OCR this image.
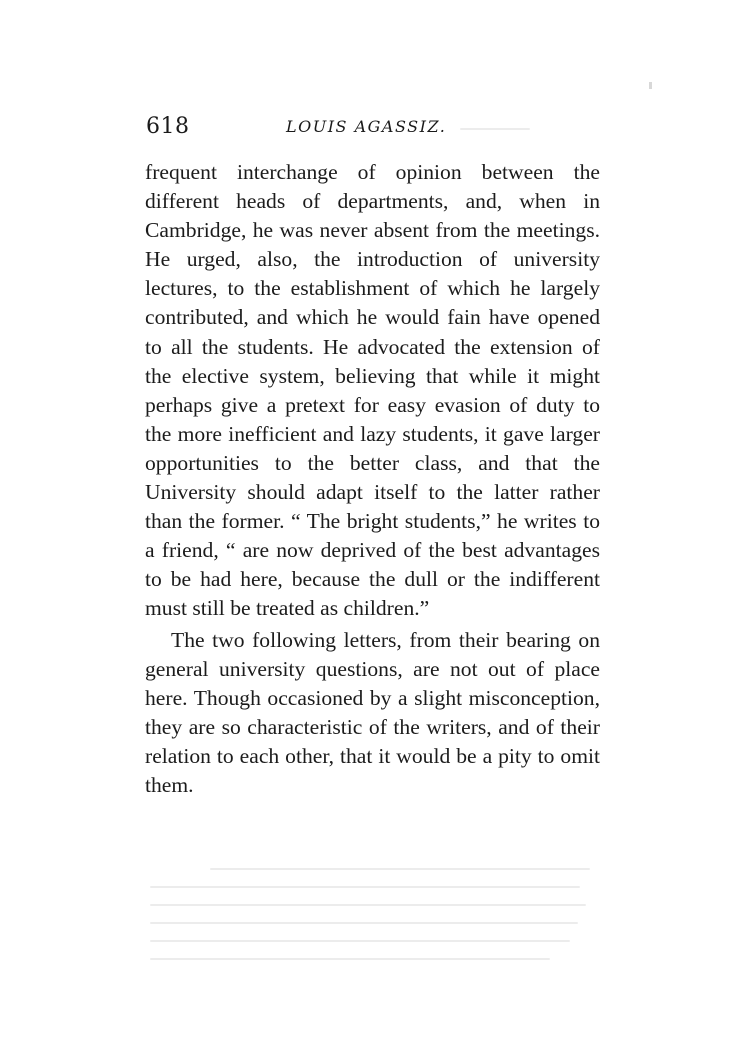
618	LOUIS AGASSIZ.

frequent interchange of opinion between the different heads of departments, and, when in Cambridge, he was never absent from the meetings. He urged, also, the introduction of university lectures, to the establishment of which he largely contributed, and which he would fain have opened to all the students. He advocated the extension of the elective system, believing that while it might perhaps give a pretext for easy evasion of duty to the more inefficient and lazy students, it gave larger opportunities to the better class, and that the University should adapt itself to the latter rather than the former. “ The bright students,” he writes to a friend, “ are now deprived of the best advantages to be had here, because the dull or the indifferent must still be treated as children.”

The two following letters, from their bearing on general university questions, are not out of place here. Though occasioned by a slight misconception, they are so characteristic of the writers, and of their relation to each other, that it would be a pity to omit them.
